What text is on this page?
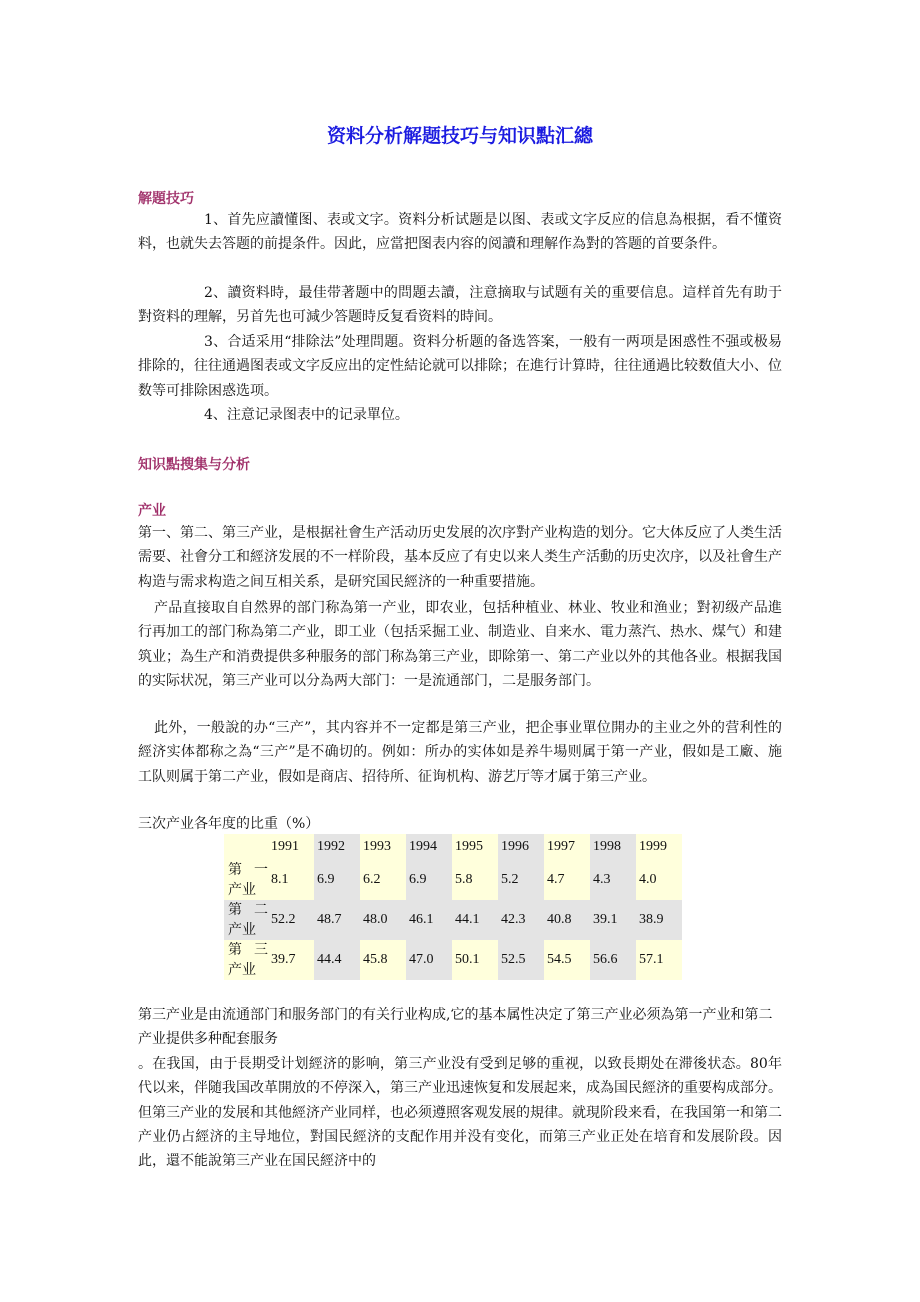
资料分析解题技巧与知识點汇總
解題技巧

1、首先应讀懂图、表或文字。资料分析试题是以图、表或文字反应的信息為根据，看不懂资料，也就失去答题的前提条件。因此，应當把图表内容的阅讀和理解作為對的答题的首要条件。

2、讀资料時，最佳带著题中的問題去讀，注意摘取与试题有关的重要信息。這样首先有助于對资料的理解，另首先也可減少答题時反复看资料的時间。

3、合适采用“排除法”处理問題。资料分析题的备选答案，一般有一两项是困惑性不强或极易排除的，往往通過图表或文字反应出的定性結论就可以排除；在進行计算時，往往通過比较数值大小、位数等可排除困惑选项。

4、注意记录图表中的记录單位。

知识點搜集与分析
产业

第一、第二、第三产业，是根据社會生产活动历史发展的次序對产业构造的划分。它大体反应了人类生活需要、社會分工和經济发展的不一样阶段，基本反应了有史以来人类生产活動的历史次序，以及社會生产构造与需求构造之间互相关系，是研究国民經济的一种重要措施。

产品直接取自自然界的部门称為第一产业，即农业，包括种植业、林业、牧业和渔业；對初级产品進行再加工的部门称為第二产业，即工业（包括采掘工业、制造业、自来水、電力蒸汽、热水、煤气）和建筑业；為生产和消费提供多种服务的部门称為第三产业，即除第一、第二产业以外的其他各业。根据我国的实际状况，第三产业可以分為两大部门：一是流通部门，二是服务部门。

此外，一般說的办“三产”，其内容并不一定都是第三产业，把企事业單位開办的主业之外的营利性的經济实体都称之為“三产”是不确切的。例如：所办的实体如是养牛場则属于第一产业，假如是工廠、施工队则属于第二产业，假如是商店、招待所、征询机构、游艺厅等才属于第三产业。

三次产业各年度的比重（%）

	1991	1992	1993	1994	1995	1996	1997	1998	1999

第 一
产业	8.1	6.9	6.2	6.9	5.8	5.2	4.7	4.3	4.0

第 二
产业	52.2	48.7	48.0	46.1	44.1	42.3	40.8	39.1	38.9

第 三
产业	39.7	44.4	45.8	47.0	50.1	52.5	54.5	56.6	57.1

第三产业是由流通部门和服务部门的有关行业构成,它的基本属性决定了第三产业必须為第一产业和第二产业提供多种配套服务

。在我国，由于長期受计划經济的影响，第三产业没有受到足够的重视，以致長期处在滞後状态。80年代以来，伴随我国改革開放的不停深入，第三产业迅速恢复和发展起来，成為国民經济的重要构成部分。但第三产业的发展和其他經济产业同样，也必须遵照客观发展的規律。就現阶段来看，在我国第一和第二产业仍占經济的主导地位，對国民經济的支配作用并没有变化，而第三产业正处在培育和发展阶段。因此，還不能說第三产业在国民經济中的
